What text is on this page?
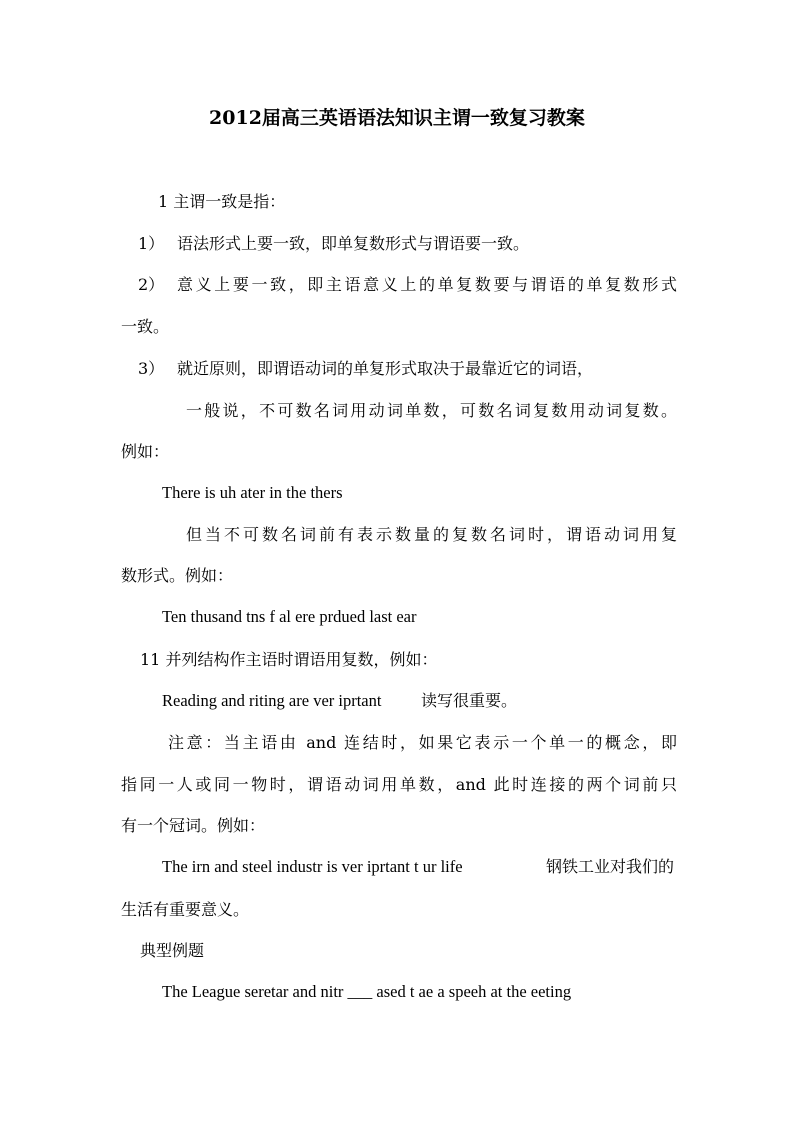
2012届高三英语语法知识主谓一致复习教案

1 主谓一致是指：

1） 语法形式上要一致，即单复数形式与谓语要一致。

2） 意义上要一致，即主语意义上的单复数要与谓语的单复数形式

一致。

3） 就近原则，即谓语动词的单复形式取决于最靠近它的词语，

一般说，不可数名词用动词单数，可数名词复数用动词复数。

例如：

There is uh ater in the thers

但当不可数名词前有表示数量的复数名词时，谓语动词用复

数形式。例如：

Ten thusand tns f al ere prdued last ear

11 并列结构作主语时谓语用复数，例如：

Reading and riting are ver iprtant 读写很重要。

注意：当主语由 and 连结时，如果它表示一个单一的概念，即

指同一人或同一物时，谓语动词用单数，and 此时连接的两个词前只

有一个冠词。例如：

The irn and steel industr is ver iprtant t ur life	钢铁工业对我们的

生活有重要意义。

典型例题

The League seretar and nitr ___ ased t ae a speeh at the eeting
